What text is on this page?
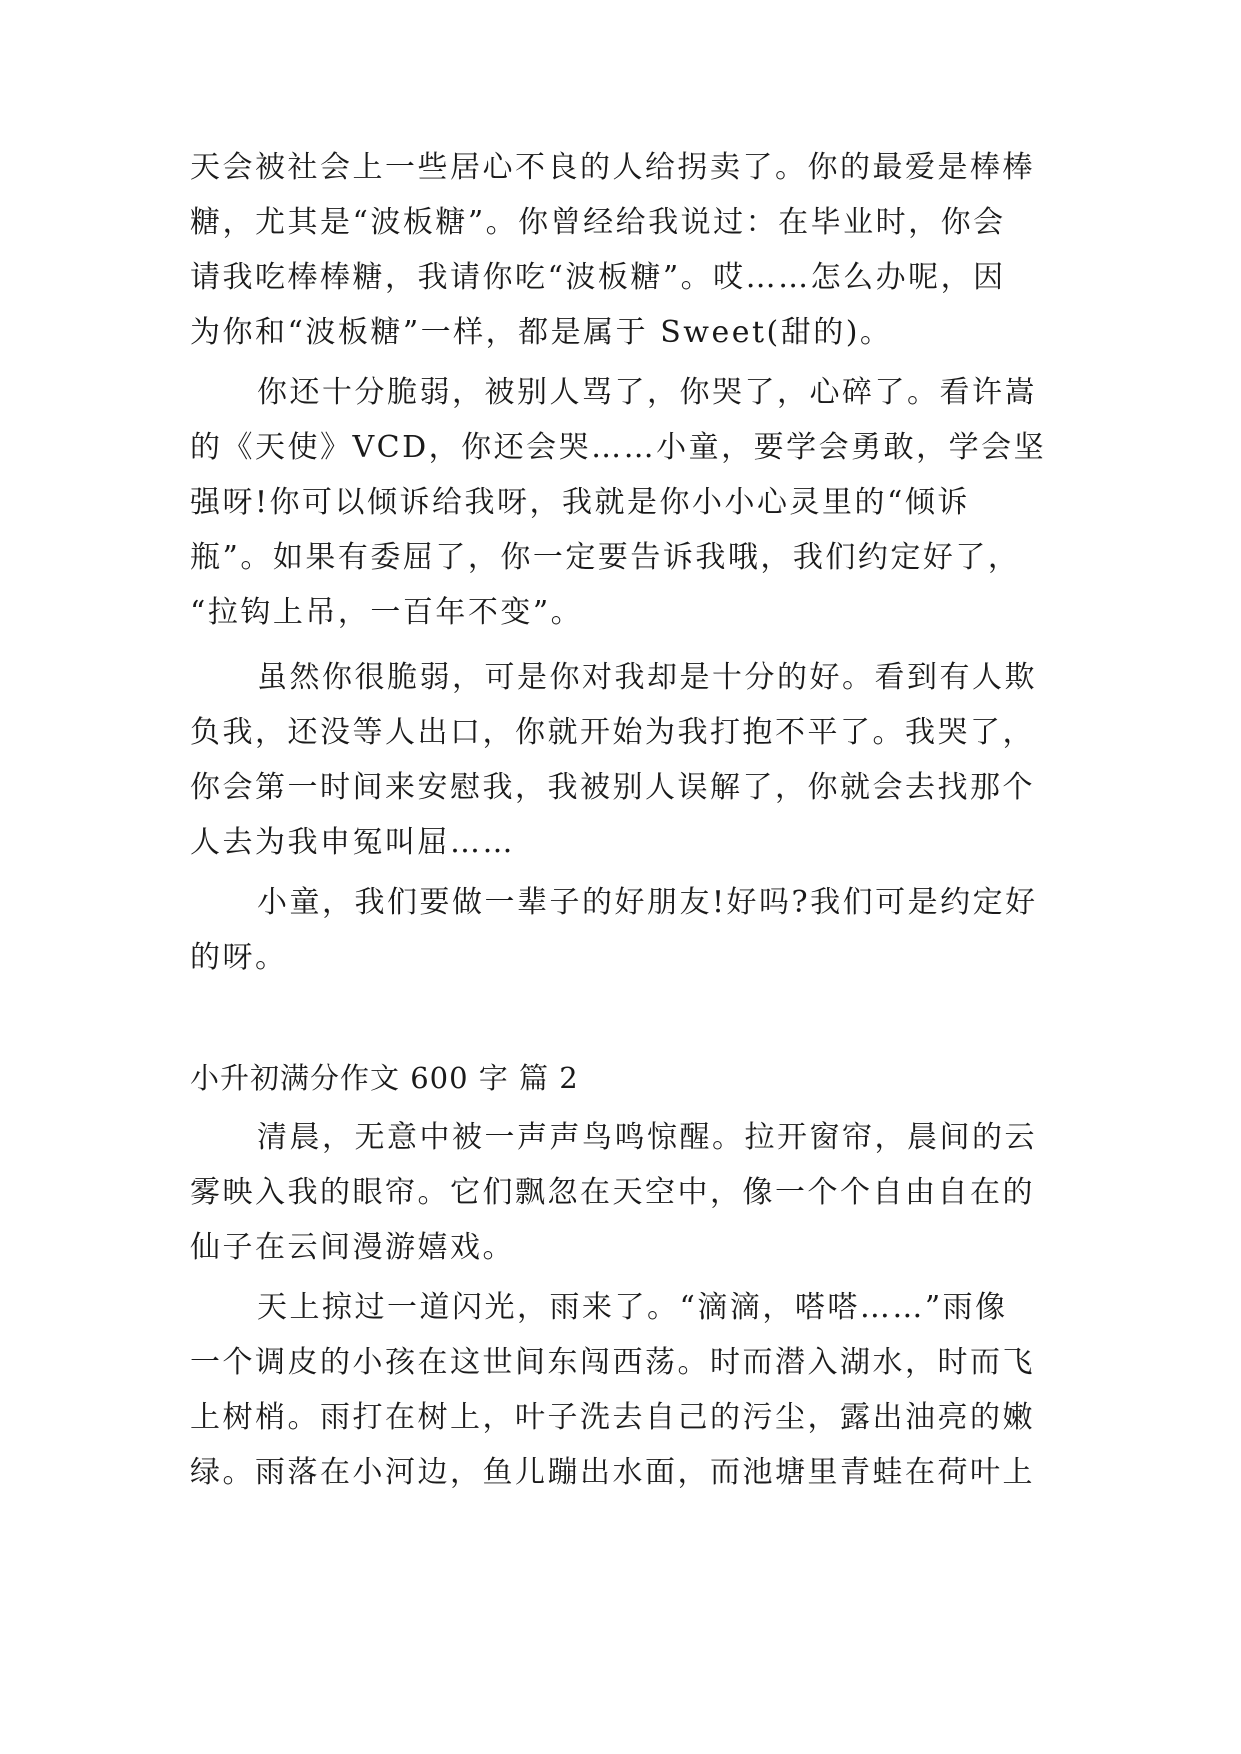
天会被社会上一些居心不良的人给拐卖了。你的最爱是棒棒
糖，尤其是“波板糖”。你曾经给我说过：在毕业时，你会
请我吃棒棒糖，我请你吃“波板糖”。哎……怎么办呢，因
为你和“波板糖”一样，都是属于 Sweet(甜的)。
你还十分脆弱，被别人骂了，你哭了，心碎了。看许嵩
的《天使》VCD，你还会哭……小童，要学会勇敢，学会坚
强呀!你可以倾诉给我呀，我就是你小小心灵里的“倾诉
瓶”。如果有委屈了，你一定要告诉我哦，我们约定好了，
“拉钩上吊，一百年不变”。
虽然你很脆弱，可是你对我却是十分的好。看到有人欺
负我，还没等人出口，你就开始为我打抱不平了。我哭了，
你会第一时间来安慰我，我被别人误解了，你就会去找那个
人去为我申冤叫屈……
小童，我们要做一辈子的好朋友!好吗?我们可是约定好
的呀。
小升初满分作文 600 字 篇 2
清晨，无意中被一声声鸟鸣惊醒。拉开窗帘，晨间的云
雾映入我的眼帘。它们飘忽在天空中，像一个个自由自在的
仙子在云间漫游嬉戏。
天上掠过一道闪光，雨来了。“滴滴，嗒嗒……”雨像
一个调皮的小孩在这世间东闯西荡。时而潜入湖水，时而飞
上树梢。雨打在树上，叶子洗去自己的污尘，露出油亮的嫩
绿。雨落在小河边，鱼儿蹦出水面，而池塘里青蛙在荷叶上
